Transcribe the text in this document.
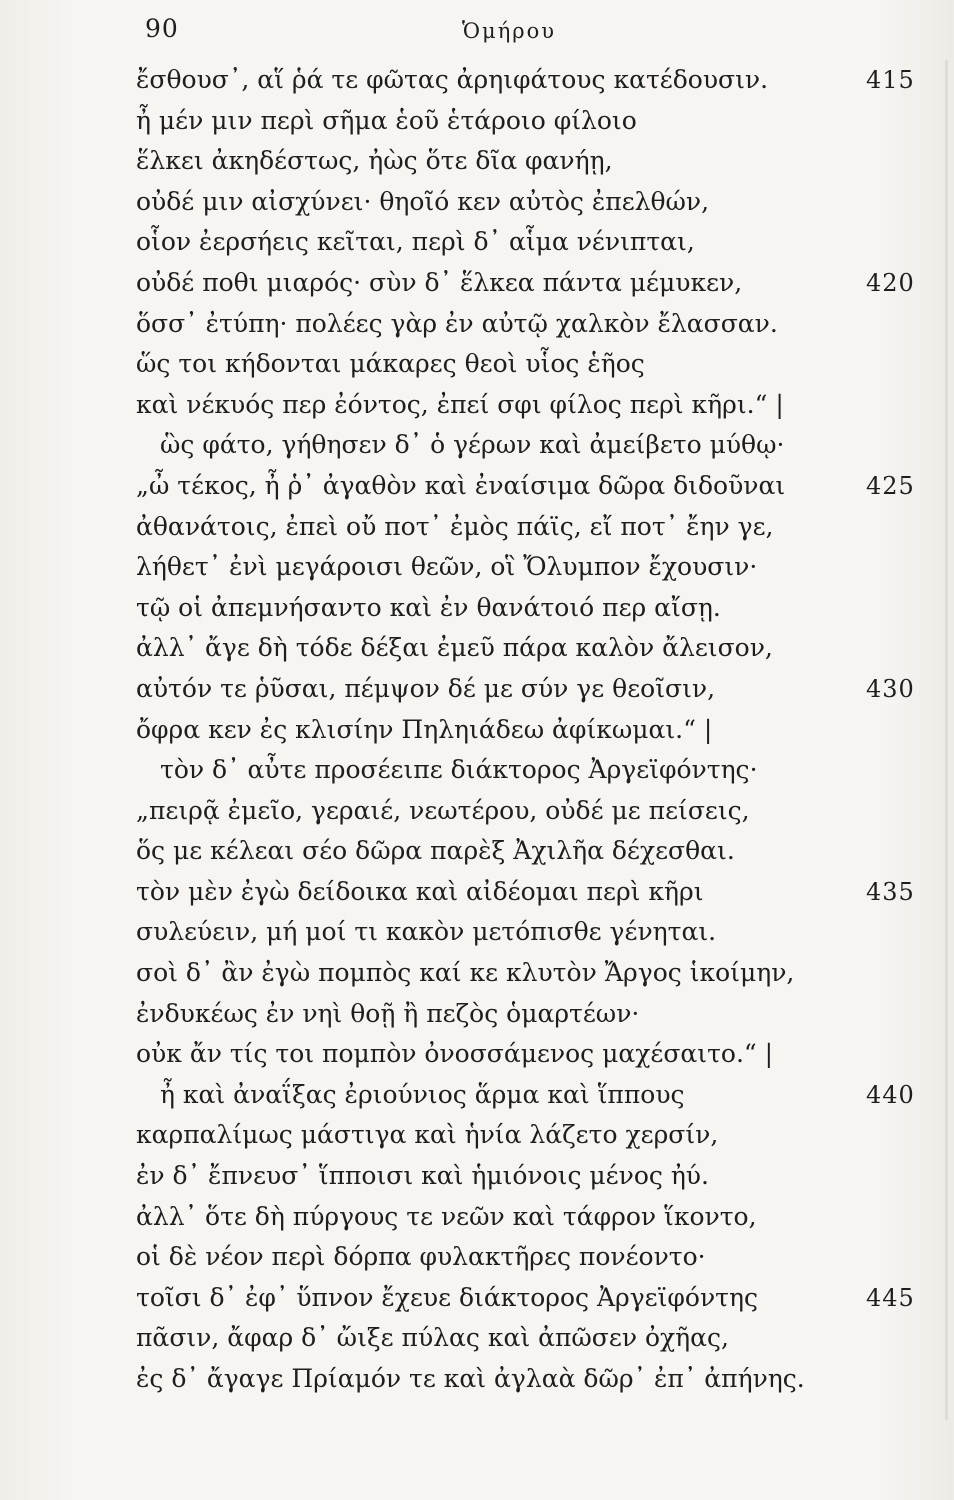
90	Ὁμήρου
ἔσθουσ᾽, αἵ ῥά τε φῶτας ἀρηιφάτους κατέδουσιν.	415
ἦ μέν μιν περὶ σῆμα ἑοῦ ἑτάροιο φίλοιο
ἕλκει ἀκηδέστως, ἠὼς ὅτε δῖα φανήῃ,
οὐδέ μιν αἰσχύνει· θηοῖό κεν αὐτὸς ἐπελθών,
οἷον ἐερσήεις κεῖται, περὶ δ᾽ αἷμα νένιπται,
οὐδέ ποθι μιαρός· σὺν δ᾽ ἕλκεα πάντα μέμυκεν,	420
ὅσσ᾽ ἐτύπη· πολέες γὰρ ἐν αὐτῷ χαλκὸν ἔλασσαν.
ὥς τοι κήδονται μάκαρες θεοὶ υἷος ἑῆος
καὶ νέκυός περ ἐόντος, ἐπεί σφι φίλος περὶ κῆρι.“ |
ὣς φάτο, γήθησεν δ᾽ ὁ γέρων καὶ ἀμείβετο μύθῳ·
„ὦ τέκος, ἦ ῥ᾽ ἀγαθὸν καὶ ἐναίσιμα δῶρα διδοῦναι	425
ἀθανάτοις, ἐπεὶ οὔ ποτ᾽ ἐμὸς πάϊς, εἴ ποτ᾽ ἔην γε,
λήθετ᾽ ἐνὶ μεγάροισι θεῶν, οἳ Ὄλυμπον ἔχουσιν·
τῷ οἱ ἀπεμνήσαντο καὶ ἐν θανάτοιό περ αἴσῃ.
ἀλλ᾽ ἄγε δὴ τόδε δέξαι ἐμεῦ πάρα καλὸν ἄλεισον,
αὐτόν τε ῥῦσαι, πέμψον δέ με σύν γε θεοῖσιν,	430
ὄφρα κεν ἐς κλισίην Πηληιάδεω ἀφίκωμαι.“ |
τὸν δ᾽ αὖτε προσέειπε διάκτορος Ἀργεϊφόντης·
„πειρᾷ ἐμεῖο, γεραιέ, νεωτέρου, οὐδέ με πείσεις,
ὅς με κέλεαι σέο δῶρα παρὲξ Ἀχιλῆα δέχεσθαι.
τὸν μὲν ἐγὼ δείδοικα καὶ αἰδέομαι περὶ κῆρι	435
συλεύειν, μή μοί τι κακὸν μετόπισθε γένηται.
σοὶ δ᾽ ἂν ἐγὼ πομπὸς καί κε κλυτὸν Ἄργος ἱκοίμην,
ἐνδυκέως ἐν νηὶ θοῇ ἢ πεζὸς ὁμαρτέων·
οὐκ ἄν τίς τοι πομπὸν ὀνοσσάμενος μαχέσαιτο.“ |
ἦ καὶ ἀναΐξας ἐριούνιος ἅρμα καὶ ἵππους	440
καρπαλίμως μάστιγα καὶ ἡνία λάζετο χερσίν,
ἐν δ᾽ ἔπνευσ᾽ ἵπποισι καὶ ἡμιόνοις μένος ἠύ.
ἀλλ᾽ ὅτε δὴ πύργους τε νεῶν καὶ τάφρον ἵκοντο,
οἱ δὲ νέον περὶ δόρπα φυλακτῆρες πονέοντο·
τοῖσι δ᾽ ἐφ᾽ ὕπνον ἔχευε διάκτορος Ἀργεϊφόντης	445
πᾶσιν, ἄφαρ δ᾽ ὤιξε πύλας καὶ ἀπῶσεν ὀχῆας,
ἐς δ᾽ ἄγαγε Πρίαμόν τε καὶ ἀγλαὰ δῶρ᾽ ἐπ᾽ ἀπήνης.
